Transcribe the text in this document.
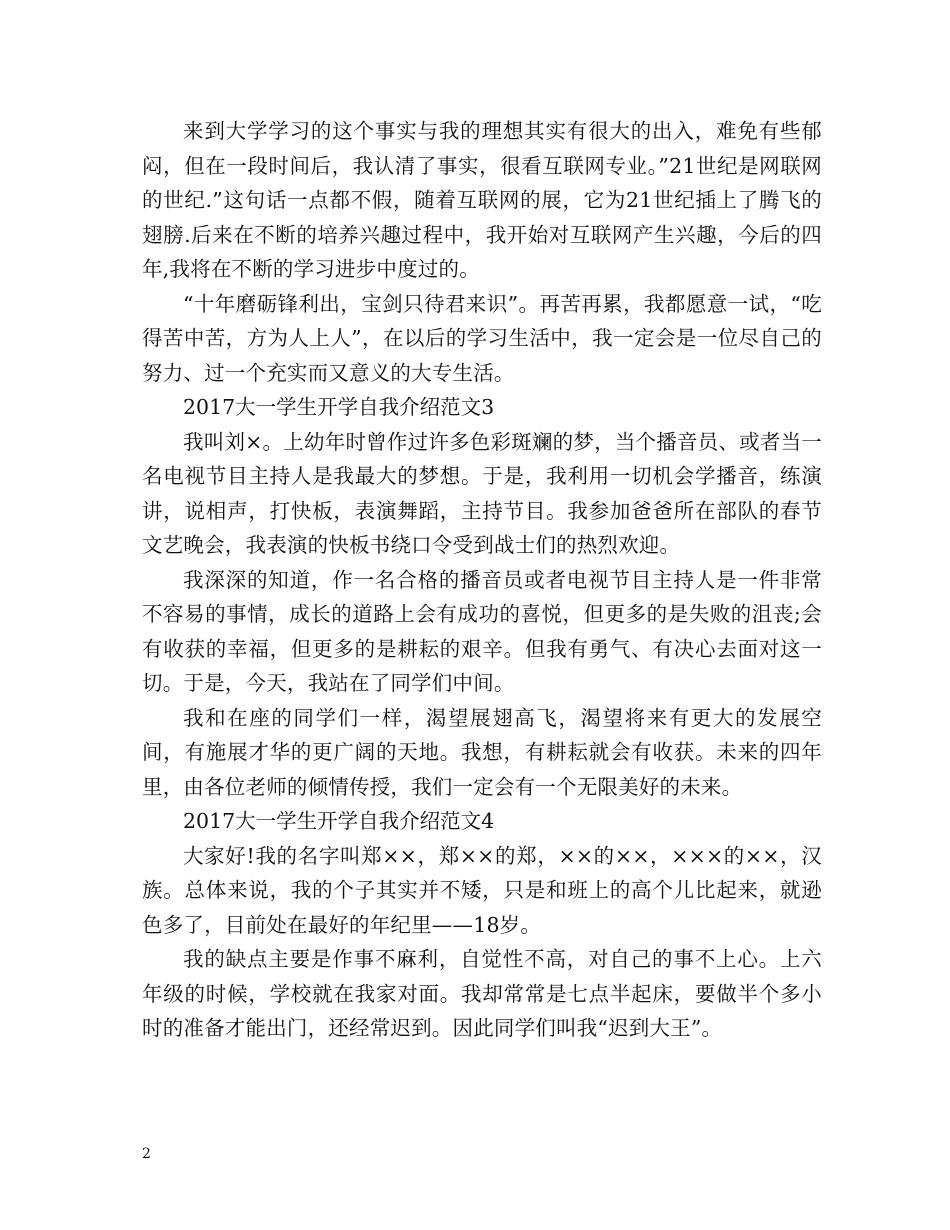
来到大学学习的这个事实与我的理想其实有很大的出入，难免有些郁闷，但在一段时间后，我认清了事实，很看互联网专业。”21世纪是网联网的世纪.”这句话一点都不假，随着互联网的展，它为21世纪插上了腾飞的翅膀.后来在不断的培养兴趣过程中，我开始对互联网产生兴趣，今后的四年,我将在不断的学习进步中度过的。

“十年磨砺锋利出，宝剑只待君来识”。再苦再累，我都愿意一试，“吃得苦中苦，方为人上人”，在以后的学习生活中，我一定会是一位尽自己的努力、过一个充实而又意义的大专生活。

2017大一学生开学自我介绍范文3

我叫刘×。上幼年时曾作过许多色彩斑斓的梦，当个播音员、或者当一名电视节目主持人是我最大的梦想。于是，我利用一切机会学播音，练演讲，说相声，打快板，表演舞蹈，主持节目。我参加爸爸所在部队的春节文艺晚会，我表演的快板书绕口令受到战士们的热烈欢迎。

我深深的知道，作一名合格的播音员或者电视节目主持人是一件非常不容易的事情，成长的道路上会有成功的喜悦，但更多的是失败的沮丧;会有收获的幸福，但更多的是耕耘的艰辛。但我有勇气、有决心去面对这一切。于是，今天，我站在了同学们中间。

我和在座的同学们一样，渴望展翅高飞，渴望将来有更大的发展空间，有施展才华的更广阔的天地。我想，有耕耘就会有收获。未来的四年里，由各位老师的倾情传授，我们一定会有一个无限美好的未来。

2017大一学生开学自我介绍范文4

大家好!我的名字叫郑××，郑××的郑，××的××，×××的××，汉族。总体来说，我的个子其实并不矮，只是和班上的高个儿比起来，就逊色多了，目前处在最好的年纪里——18岁。

我的缺点主要是作事不麻利，自觉性不高，对自己的事不上心。上六年级的时候，学校就在我家对面。我却常常是七点半起床，要做半个多小时的准备才能出门，还经常迟到。因此同学们叫我“迟到大王”。

2
